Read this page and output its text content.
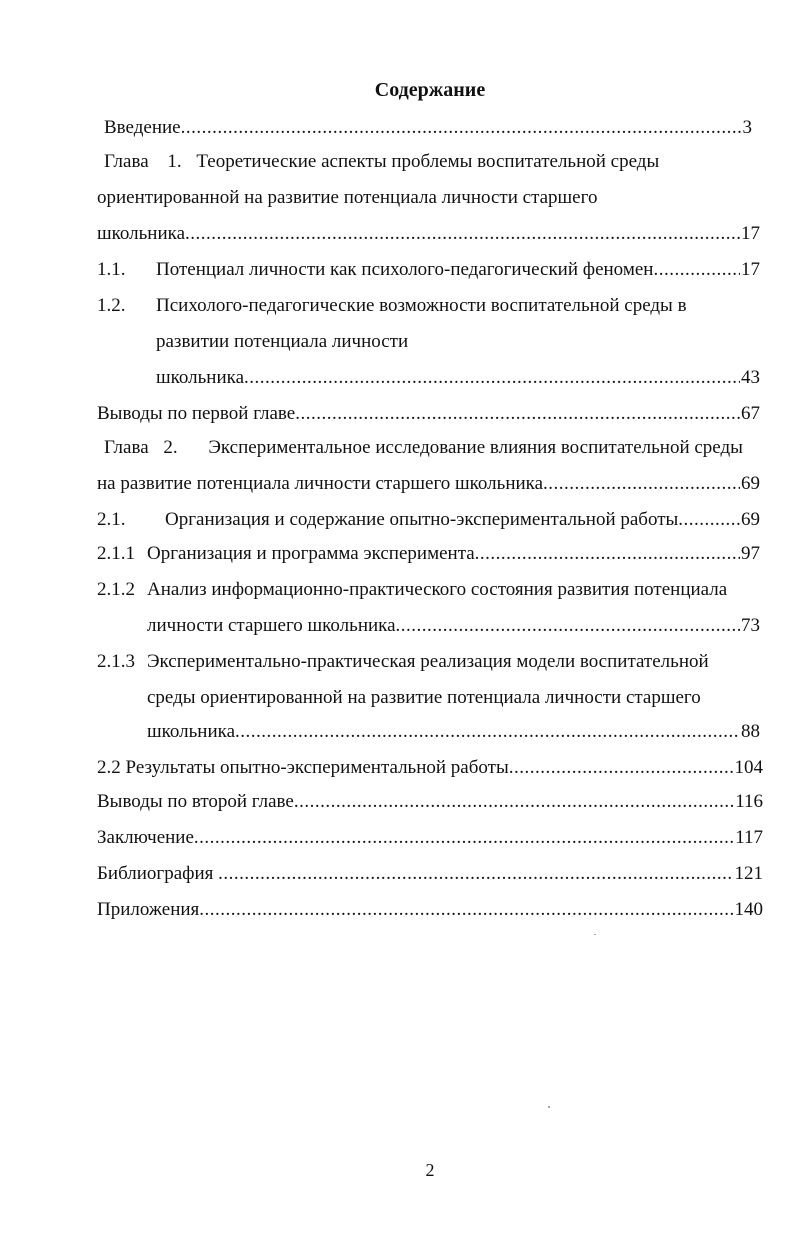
Содержание
Введение .....	3
Глава 1. Теоретические аспекты проблемы воспитательной среды
ориентированной на развитие потенциала личности старшего
школьника .....	17
1.1. Потенциал личности как психолого-педагогический феномен .....	17
1.2. Психолого-педагогические возможности воспитательной среды в
развитии потенциала личности
школьника .....	43
Выводы по первой главе .....	67
Глава 2. Экспериментальное исследование влияния воспитательной среды
на развитие потенциала личности старшего школьника .....	69
2.1. Организация и содержание опытно-экспериментальной работы .....	69
2.1.1 Организация и программа эксперимента .....	97
2.1.2 Анализ информационно-практического состояния развития потенциала
личности старшего школьника .....	73
2.1.3 Экспериментально-практическая реализация модели воспитательной
среды ориентированной на развитие потенциала личности старшего
школьника .....	88
2.2 Результаты опытно-экспериментальной работы .....	104
Выводы по второй главе .....	116
Заключение .....	117
Библиография .....	121
Приложения .....	140
2
